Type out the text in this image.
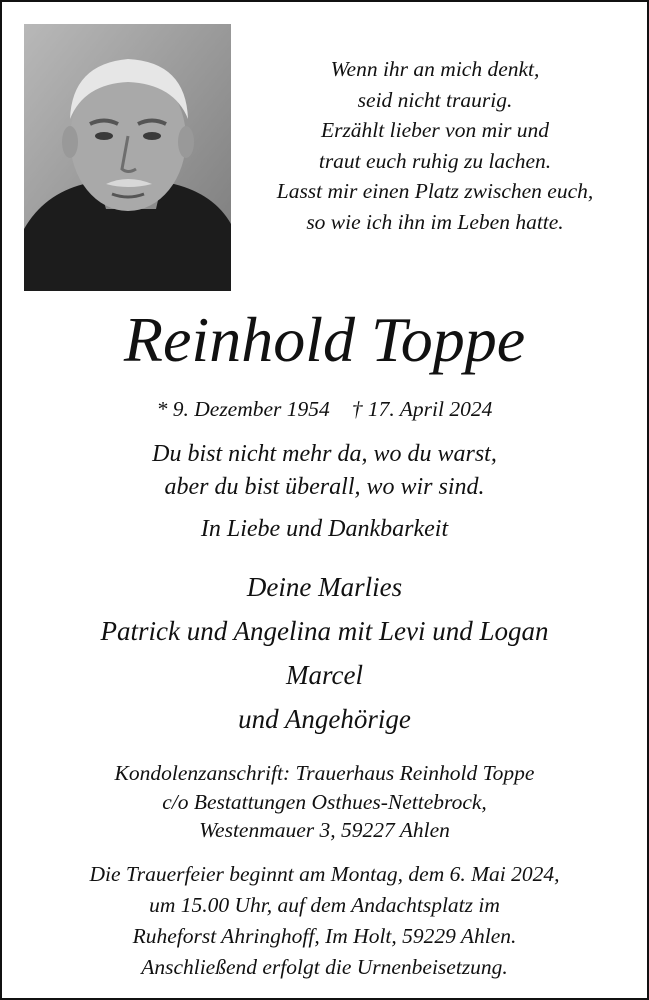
Wenn ihr an mich denkt,
seid nicht traurig.
Erzählt lieber von mir und
traut euch ruhig zu lachen.
Lasst mir einen Platz zwischen euch,
so wie ich ihn im Leben hatte.
Reinhold Toppe
* 9. Dezember 1954 † 17. April 2024
Du bist nicht mehr da, wo du warst,
aber du bist überall, wo wir sind.
In Liebe und Dankbarkeit
Deine Marlies
Patrick und Angelina mit Levi und Logan
Marcel
und Angehörige
Kondolenzanschrift: Trauerhaus Reinhold Toppe
c/o Bestattungen Osthues-Nettebrock,
Westenmauer 3, 59227 Ahlen
Die Trauerfeier beginnt am Montag, dem 6. Mai 2024,
um 15.00 Uhr, auf dem Andachtsplatz im
Ruheforst Ahringhoff, Im Holt, 59229 Ahlen.
Anschließend erfolgt die Urnenbeisetzung.
